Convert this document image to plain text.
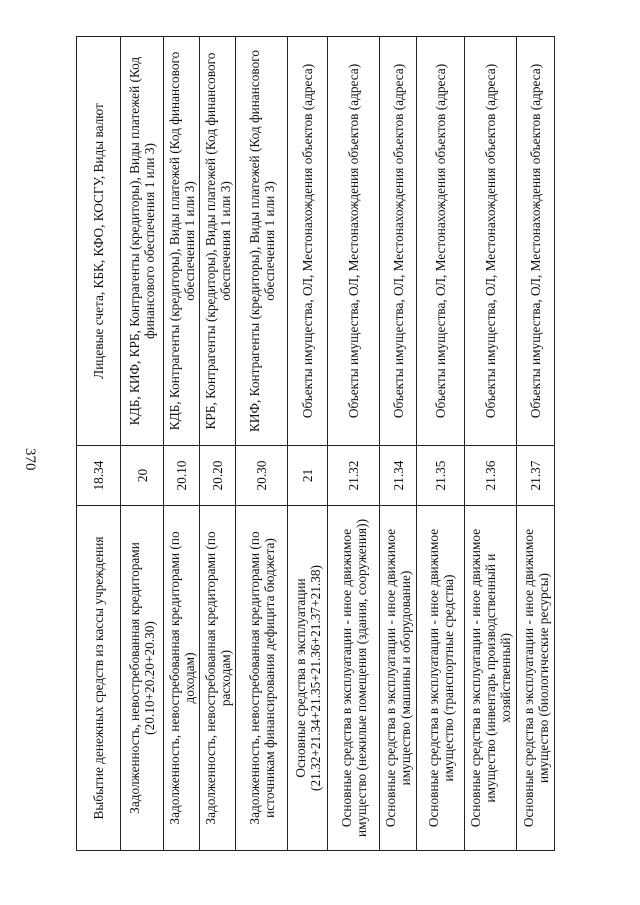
370
Выбытие денежных средств из кассы учреждения	18.34	Лицевые счета, КБК, КФО, КОСГУ, Виды валют
Задолженность, невостребованная кредиторами (20.10+20.20+20.30)	20	КДБ, КИФ, КРБ, Контрагенты (кредиторы), Виды платежей (Код финансового обеспечения 1 или 3)
Задолженность, невостребованная кредиторами (по доходам)	20.10	КДБ, Контрагенты (кредиторы), Виды платежей (Код финансового обеспечения 1 или 3)
Задолженность, невостребованная кредиторами (по расходам)	20.20	КРБ, Контрагенты (кредиторы), Виды платежей (Код финансового обеспечения 1 или 3)
Задолженность, невостребованная кредиторами (по источникам финансирования дефицита бюджета)	20.30	КИФ, Контрагенты (кредиторы), Виды платежей (Код финансового обеспечения 1 или 3)
Основные средства в эксплуатации (21.32+21.34+21.35+21.36+21.37+21.38)	21	Объекты имущества, ОЛ, Местонахождения объектов (адреса)
Основные средства в эксплуатации - иное движимое имущество (нежилые помещения (здания, сооружения))	21.32	Объекты имущества, ОЛ, Местонахождения объектов (адреса)
Основные средства в эксплуатации - иное движимое имущество (машины и оборудование)	21.34	Объекты имущества, ОЛ, Местонахождения объектов (адреса)
Основные средства в эксплуатации - иное движимое имущество (транспортные средства)	21.35	Объекты имущества, ОЛ, Местонахождения объектов (адреса)
Основные средства в эксплуатации - иное движимое имущество (инвентарь производственный и хозяйственный)	21.36	Объекты имущества, ОЛ, Местонахождения объектов (адреса)
Основные средства в эксплуатации - иное движимое имущество (биологические ресурсы)	21.37	Объекты имущества, ОЛ, Местонахождения объектов (адреса)
